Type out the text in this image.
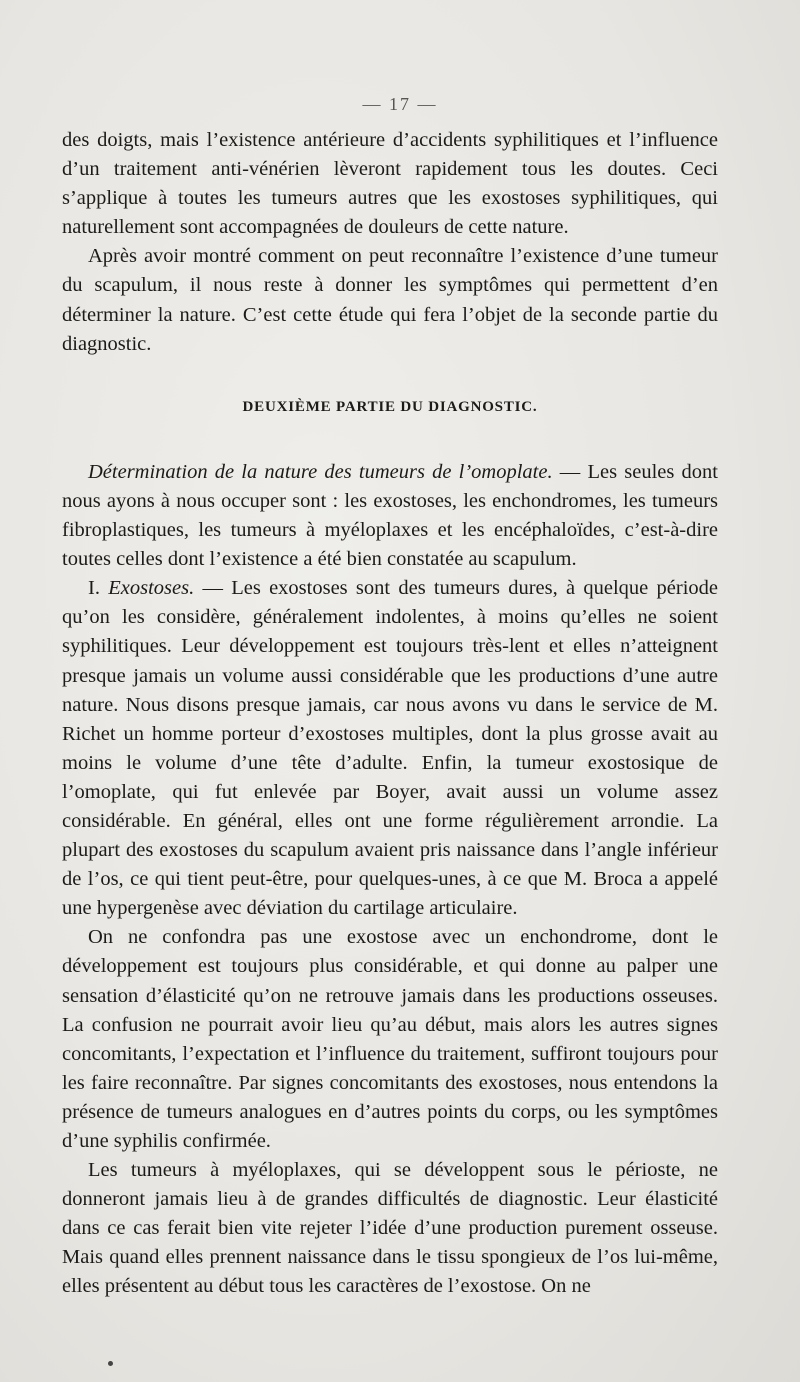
— 17 —

des doigts, mais l’existence antérieure d’accidents syphilitiques et l’influence d’un traitement anti-vénérien lèveront rapidement tous les doutes. Ceci s’applique à toutes les tumeurs autres que les exostoses syphilitiques, qui naturellement sont accompagnées de douleurs de cette nature.

Après avoir montré comment on peut reconnaître l’existence d’une tumeur du scapulum, il nous reste à donner les symptômes qui permettent d’en déterminer la nature. C’est cette étude qui fera l’objet de la seconde partie du diagnostic.

DEUXIÈME PARTIE DU DIAGNOSTIC.

Détermination de la nature des tumeurs de l’omoplate. — Les seules dont nous ayons à nous occuper sont : les exostoses, les enchondromes, les tumeurs fibroplastiques, les tumeurs à myéloplaxes et les encéphaloïdes, c’est-à-dire toutes celles dont l’existence a été bien constatée au scapulum.

I. Exostoses. — Les exostoses sont des tumeurs dures, à quelque période qu’on les considère, généralement indolentes, à moins qu’elles ne soient syphilitiques. Leur développement est toujours très-lent et elles n’atteignent presque jamais un volume aussi considérable que les productions d’une autre nature. Nous disons presque jamais, car nous avons vu dans le service de M. Richet un homme porteur d’exostoses multiples, dont la plus grosse avait au moins le volume d’une tête d’adulte. Enfin, la tumeur exostosique de l’omoplate, qui fut enlevée par Boyer, avait aussi un volume assez considérable. En général, elles ont une forme régulièrement arrondie. La plupart des exostoses du scapulum avaient pris naissance dans l’angle inférieur de l’os, ce qui tient peut-être, pour quelques-unes, à ce que M. Broca a appelé une hypergenèse avec déviation du cartilage articulaire.

On ne confondra pas une exostose avec un enchondrome, dont le développement est toujours plus considérable, et qui donne au palper une sensation d’élasticité qu’on ne retrouve jamais dans les productions osseuses. La confusion ne pourrait avoir lieu qu’au début, mais alors les autres signes concomitants, l’expectation et l’influence du traitement, suffiront toujours pour les faire reconnaître. Par signes concomitants des exostoses, nous entendons la présence de tumeurs analogues en d’autres points du corps, ou les symptômes d’une syphilis confirmée.

Les tumeurs à myéloplaxes, qui se développent sous le périoste, ne donneront jamais lieu à de grandes difficultés de diagnostic. Leur élasticité dans ce cas ferait bien vite rejeter l’idée d’une production purement osseuse. Mais quand elles prennent naissance dans le tissu spongieux de l’os lui-même, elles présentent au début tous les caractères de l’exostose. On ne
